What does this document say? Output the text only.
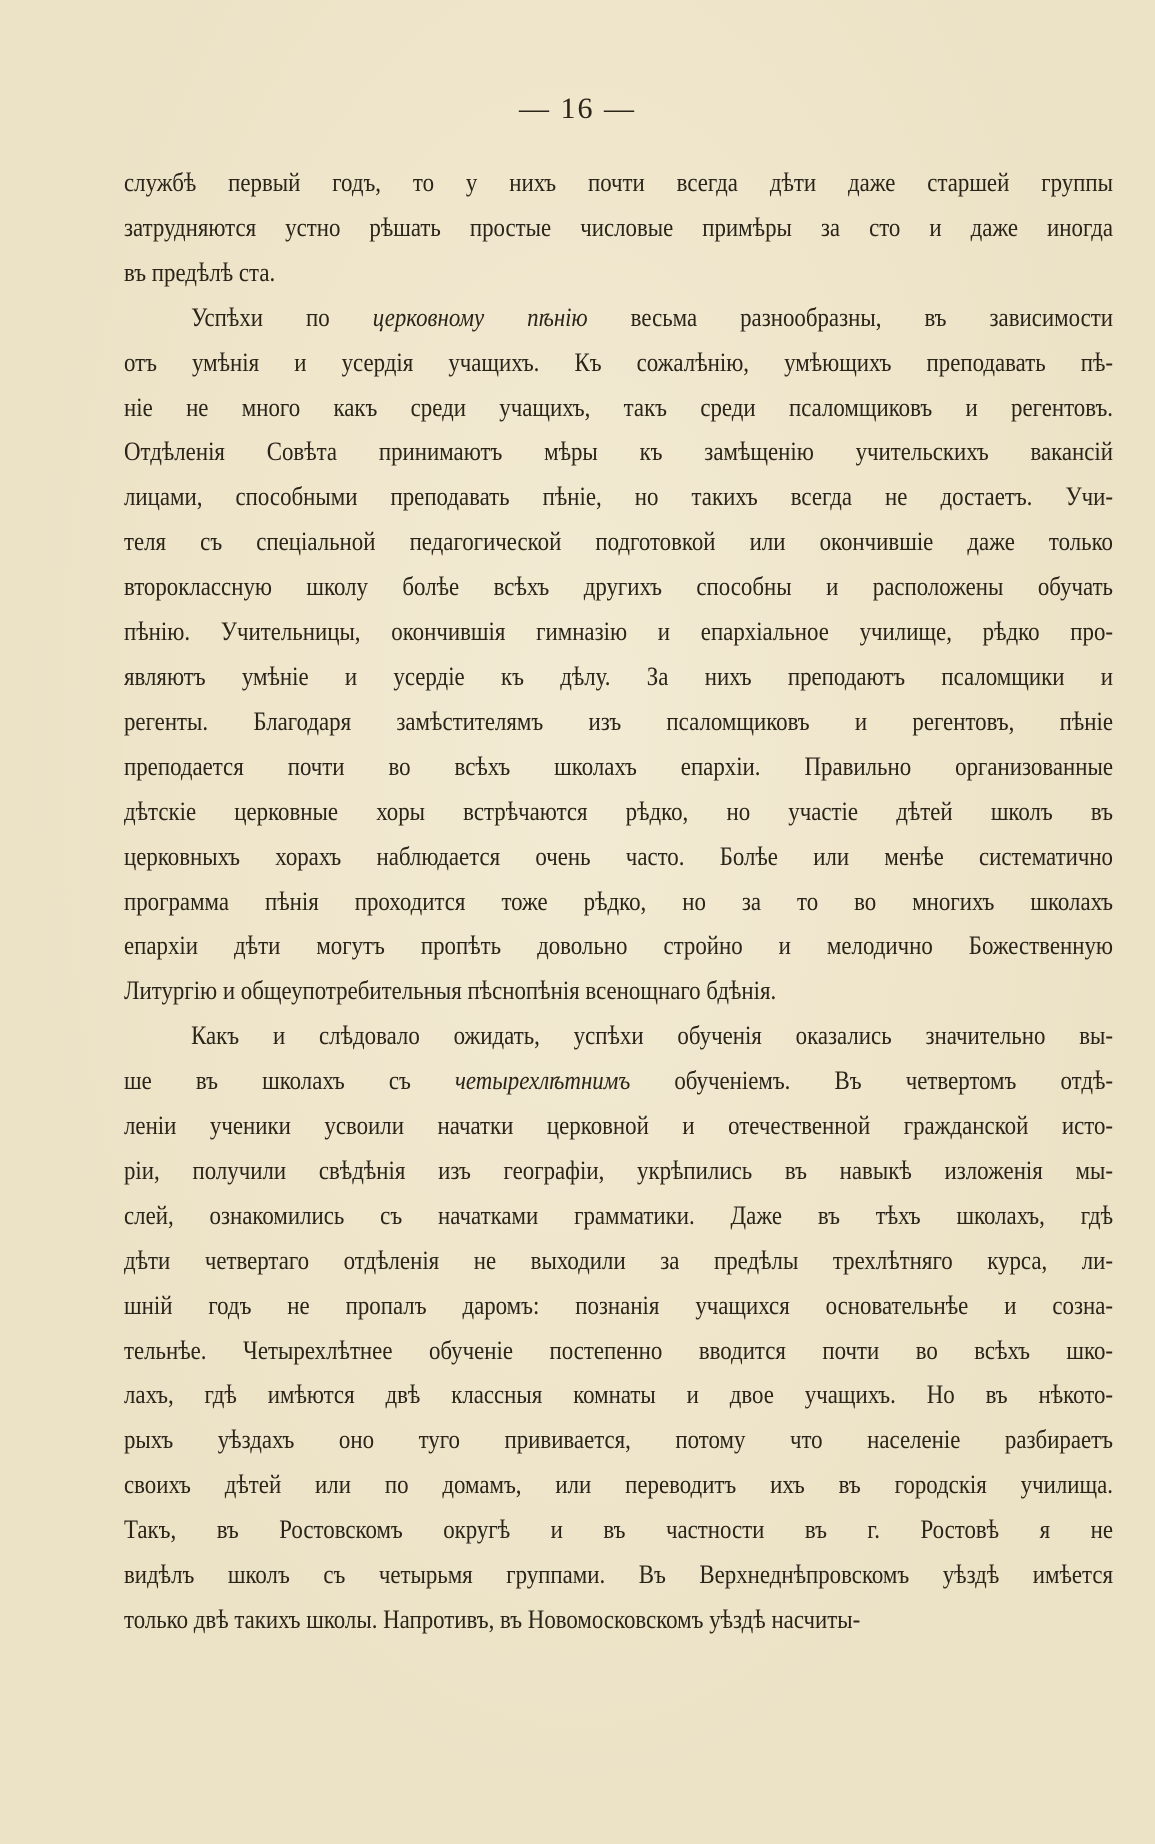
— 16 —
службѣ первый годъ, то у нихъ почти всегда дѣти даже старшей группы
затрудняются устно рѣшать простые числовые примѣры за сто и даже иногда
въ предѣлѣ ста.
Успѣхи по церковному пѣнію весьма разнообразны, въ зависимости
отъ умѣнія и усердія учащихъ. Къ сожалѣнію, умѣющихъ преподавать пѣ-
ніе не много какъ среди учащихъ, такъ среди псаломщиковъ и регентовъ.
Отдѣленія Совѣта принимаютъ мѣры къ замѣщенію учительскихъ вакансій
лицами, способными преподавать пѣніе, но такихъ всегда не достаетъ. Учи-
теля съ спеціальной педагогической подготовкой или окончившіе даже только
второклассную школу болѣе всѣхъ другихъ способны и расположены обучать
пѣнію. Учительницы, окончившія гимназію и епархіальное училище, рѣдко про-
являютъ умѣніе и усердіе къ дѣлу. За нихъ преподаютъ псаломщики и
регенты. Благодаря замѣстителямъ изъ псаломщиковъ и регентовъ, пѣніе
преподается почти во всѣхъ школахъ епархіи. Правильно организованные
дѣтскіе церковные хоры встрѣчаются рѣдко, но участіе дѣтей школъ въ
церковныхъ хорахъ наблюдается очень часто. Болѣе или менѣе систематично
программа пѣнія проходится тоже рѣдко, но за то во многихъ школахъ
епархіи дѣти могутъ пропѣть довольно стройно и мелодично Божественную
Литургію и общеупотребительныя пѣснопѣнія всенощнаго бдѣнія.
Какъ и слѣдовало ожидать, успѣхи обученія оказались значительно вы-
ше въ школахъ съ четырехлѣтнимъ обученіемъ. Въ четвертомъ отдѣ-
леніи ученики усвоили начатки церковной и отечественной гражданской исто-
ріи, получили свѣдѣнія изъ географіи, укрѣпились въ навыкѣ изложенія мы-
слей, ознакомились съ начатками грамматики. Даже въ тѣхъ школахъ, гдѣ
дѣти четвертаго отдѣленія не выходили за предѣлы трехлѣтняго курса, ли-
шній годъ не пропалъ даромъ: познанія учащихся основательнѣе и созна-
тельнѣе. Четырехлѣтнее обученіе постепенно вводится почти во всѣхъ шко-
лахъ, гдѣ имѣются двѣ классныя комнаты и двое учащихъ. Но въ нѣкото-
рыхъ уѣздахъ оно туго прививается, потому что населеніе разбираетъ
своихъ дѣтей или по домамъ, или переводитъ ихъ въ городскія училища.
Такъ, въ Ростовскомъ округѣ и въ частности въ г. Ростовѣ я не
видѣлъ школъ съ четырьмя группами. Въ Верхнеднѣпровскомъ уѣздѣ имѣется
только двѣ такихъ школы. Напротивъ, въ Новомосковскомъ уѣздѣ насчиты-
